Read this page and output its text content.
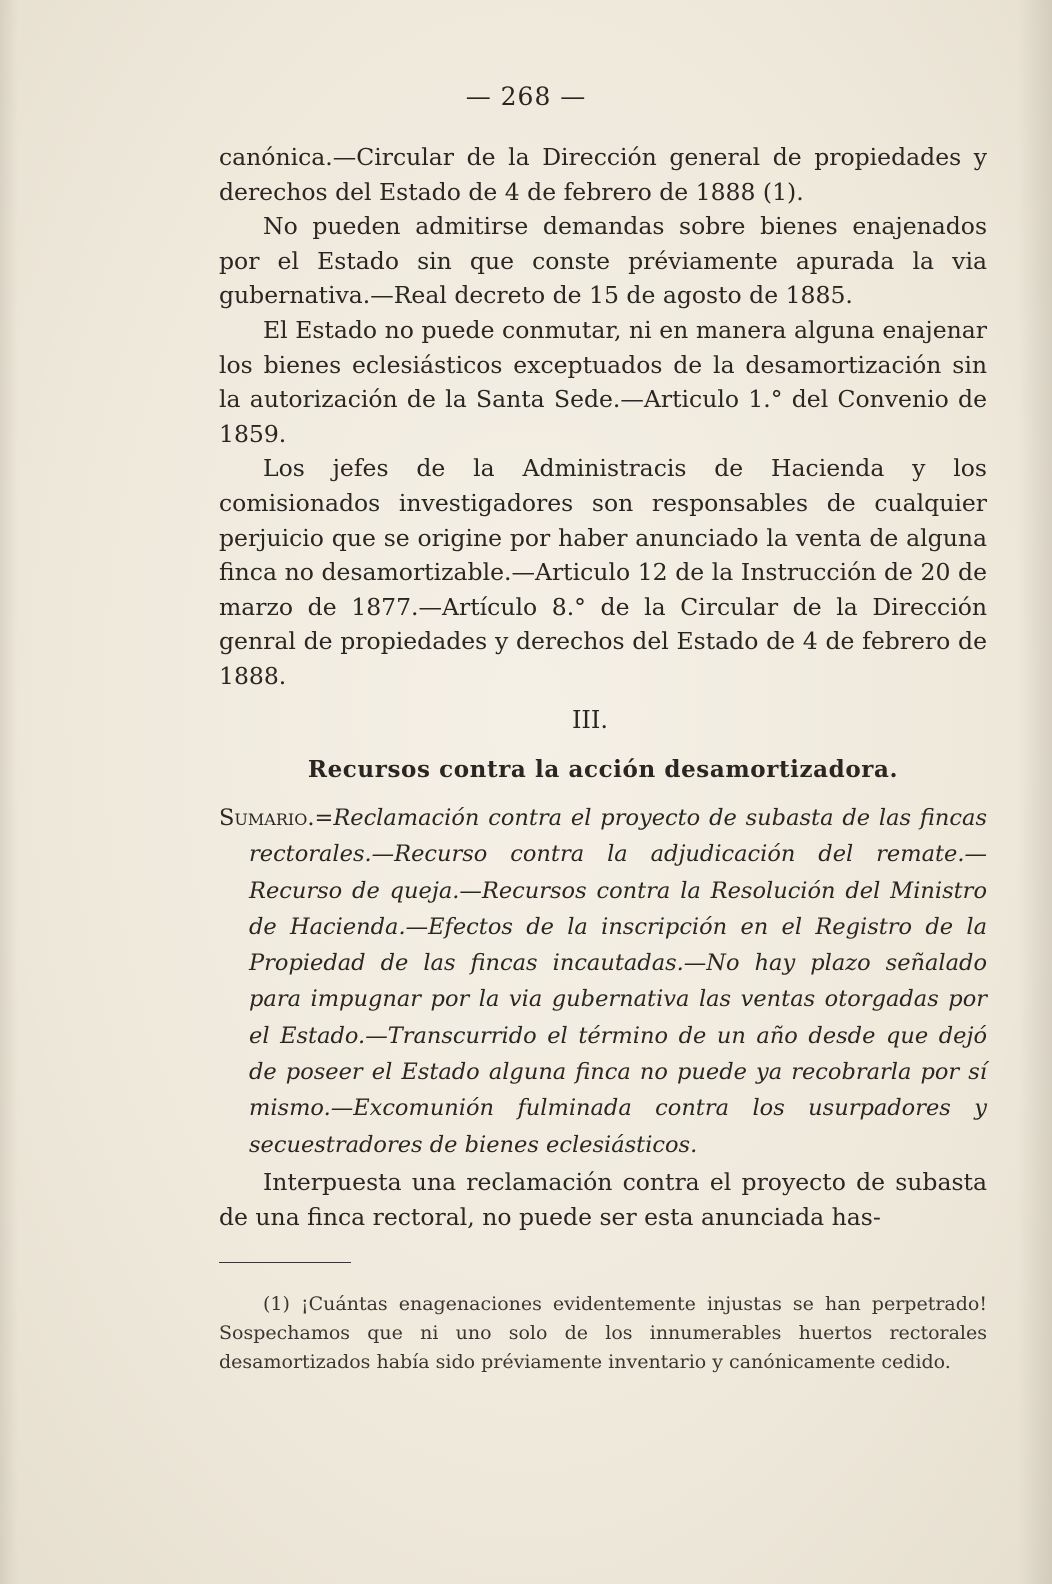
— 268 —

canónica.—Circular de la Dirección general de propiedades y derechos del Estado de 4 de febrero de 1888 (1).

No pueden admitirse demandas sobre bienes enajenados por el Estado sin que conste préviamente apurada la via gubernativa.—Real decreto de 15 de agosto de 1885.

El Estado no puede conmutar, ni en manera alguna enajenar los bienes eclesiásticos exceptuados de la desamortización sin la autorización de la Santa Sede.—Articulo 1.° del Convenio de 1859.

Los jefes de la Administracis de Hacienda y los comisionados investigadores son responsables de cualquier perjuicio que se origine por haber anunciado la venta de alguna finca no desamortizable.—Articulo 12 de la Instrucción de 20 de marzo de 1877.—Artículo 8.° de la Circular de la Dirección genral de propiedades y derechos del Estado de 4 de febrero de 1888.

III.
Recursos contra la acción desamortizadora.

Sumario.=Reclamación contra el proyecto de subasta de las fincas rectorales.—Recurso contra la adjudicación del remate.—Recurso de queja.—Recursos contra la Resolución del Ministro de Hacienda.—Efectos de la inscripción en el Registro de la Propiedad de las fincas incautadas.—No hay plazo señalado para impugnar por la via gubernativa las ventas otorgadas por el Estado.—Transcurrido el término de un año desde que dejó de poseer el Estado alguna finca no puede ya recobrarla por sí mismo.—Excomunión fulminada contra los usurpadores y secuestradores de bienes eclesiásticos.

Interpuesta una reclamación contra el proyecto de subasta de una finca rectoral, no puede ser esta anunciada has-

(1) ¡Cuántas enagenaciones evidentemente injustas se han perpetrado! Sospechamos que ni uno solo de los innumerables huertos rectorales desamortizados había sido préviamente inventario y canónicamente cedido.
